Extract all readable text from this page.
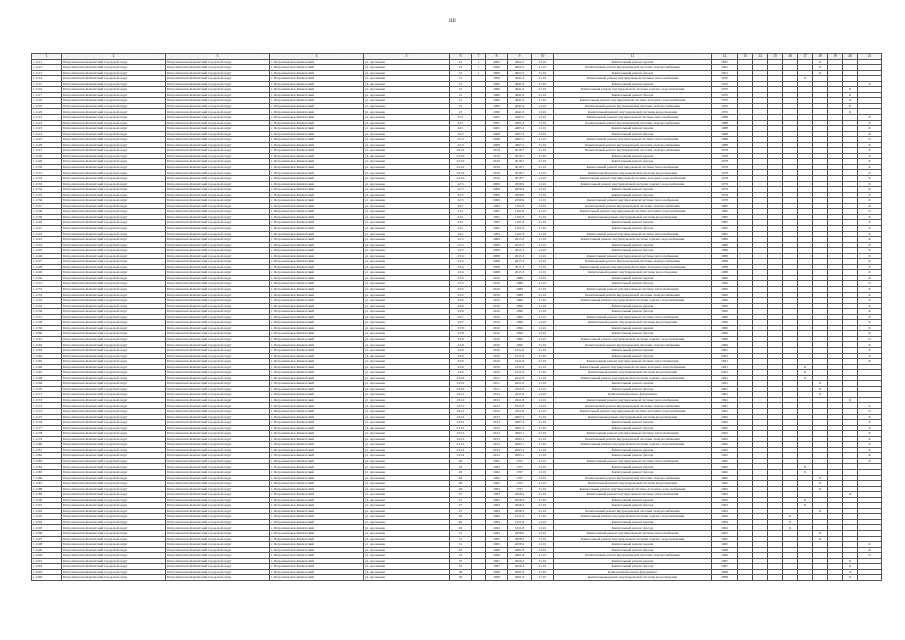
ШI
1	2	3	4	5	6	7	8	9	10	11	12	13	14	15	16	17	18	19	20	21
1.1111	Петропавловск-Камчатский городской округ	Петропавловск-Камчатский городской округ	г. Петропавловск-Камчатский	ул. Арсеньева	14	1	2000	4002.3	21.01	Капитальный ремонт кровли	1961						Х			
1.1112	Петропавловск-Камчатский городской округ	Петропавловск-Камчатский городской округ	г. Петропавловск-Камчатский	ул. Арсеньева	14	1	2000	4002.3	21.01	Капитальный ремонт внутридомовой системы электроснабжения	1961						Х			
1.1113	Петропавловск-Камчатский городской округ	Петропавловск-Камчатский городской округ	г. Петропавловск-Камчатский	ул. Арсеньева	14	1	2000	4002.3	21.01	Капитальный ремонт фасада	1961						Х			
1.1114	Петропавловск-Камчатский городской округ	Петропавловск-Камчатский городской округ	г. Петропавловск-Камчатский	ул. Арсеньева	15		1990	4641.6	21.01	Капитальный ремонт внутридомовой системы теплоснабжения	1970					Х				
1.1115	Петропавловск-Камчатский городской округ	Петропавловск-Камчатский городской округ	г. Петропавловск-Камчатский	ул. Арсеньева	15		1990	4641.6	21.01	Капитальный ремонт кровли	1970									Х
1.1116	Петропавловск-Камчатский городской округ	Петропавловск-Камчатский городской округ	г. Петропавловск-Камчатский	ул. Арсеньева	15		1990	4641.6	21.01	Капитальный ремонт внутридомовой системы горячего водоснабжения	1970								Х	
1.1117	Петропавловск-Камчатский городской округ	Петропавловск-Камчатский городской округ	г. Петропавловск-Камчатский	ул. Арсеньева	15		1990	4641.6	21.01	Капитальный ремонт фасада	1970								Х	
1.1118	Петропавловск-Камчатский городской округ	Петропавловск-Камчатский городской округ	г. Петропавловск-Камчатский	ул. Арсеньева	15		1990	4641.6	21.01	Капитальный ремонт внутридомовой системы холодного водоснабжения	1970								Х	
1.1119	Петропавловск-Камчатский городской округ	Петропавловск-Камчатский городской округ	г. Петропавловск-Камчатский	ул. Арсеньева	15		1990	4641.6	21.01	Капитальный ремонт внутридомовой системы электроснабжения	1970								Х	
1.1120	Петропавловск-Камчатский городской округ	Петропавловск-Камчатский городской округ	г. Петропавловск-Камчатский	ул. Арсеньева	15		1990	4641.6	21.01	Капитальный ремонт внутридомовой системы водоотведения	1970								Х	
1.1121	Петропавловск-Камчатский городской округ	Петропавловск-Камчатский городской округ	г. Петропавловск-Камчатский	ул. Арсеньева	22/1		2005	2605.2	21.01	Капитальный ремонт внутридомовой системы теплоснабжения	1988									Х
1.1122	Петропавловск-Камчатский городской округ	Петропавловск-Камчатский городской округ	г. Петропавловск-Камчатский	ул. Арсеньева	22/1		2005	2605.2	21.01	Капитальный ремонт внутридомовой системы электроснабжения	1988									Х
1.1123	Петропавловск-Камчатский городской округ	Петропавловск-Камчатский городской округ	г. Петропавловск-Камчатский	ул. Арсеньева	22/1		2005	2605.2	21.01	Капитальный ремонт кровли	1988									Х
1.1124	Петропавловск-Камчатский городской округ	Петропавловск-Камчатский городской округ	г. Петропавловск-Камчатский	ул. Арсеньева	22/3		2008	2607.2	21.01	Капитальный ремонт фасада	1988									Х
1.1125	Петропавловск-Камчатский городской округ	Петропавловск-Камчатский городской округ	г. Петропавловск-Камчатский	ул. Арсеньева	22/3		2008	2607.2	21.01	Капитальный ремонт внутридомовой системы теплоснабжения	1988									Х
1.1126	Петропавловск-Камчатский городской округ	Петропавловск-Камчатский городской округ	г. Петропавловск-Камчатский	ул. Арсеньева	22/3		2008	2607.2	21.01	Капитальный ремонт внутридомовой системы электроснабжения	1988									Х
1.1127	Петропавловск-Камчатский городской округ	Петропавловск-Камчатский городской округ	г. Петропавловск-Камчатский	ул. Арсеньева	22/10		2016	2018.7	21.01	Капитальный ремонт внутридомовой системы электроснабжения	1978									Х
1.1128	Петропавловск-Камчатский городской округ	Петропавловск-Камчатский городской округ	г. Петропавловск-Камчатский	ул. Арсеньева	22/10		2016	2018.7	21.01	Капитальный ремонт кровли	1978									Х
1.1129	Петропавловск-Камчатский городской округ	Петропавловск-Камчатский городской округ	г. Петропавловск-Камчатский	ул. Арсеньева	22/10		2016	2018.7	21.01	Капитальный ремонт фасада	1978									Х
1.1130	Петропавловск-Камчатский городской округ	Петропавловск-Камчатский городской округ	г. Петропавловск-Камчатский	ул. Арсеньева	22/10		2016	2018.7	21.01	Капитальный ремонт внутридомовой системы теплоснабжения	1978									Х
1.1131	Петропавловск-Камчатский городской округ	Петропавловск-Камчатский городской округ	г. Петропавловск-Камчатский	ул. Арсеньева	22/10		2016	2018.7	21.01	Капитальный ремонт внутридомовой системы водоотведения	1978									Х
1.1132	Петропавловск-Камчатский городской округ	Петропавловск-Камчатский городской округ	г. Петропавловск-Камчатский	ул. Арсеньева	22/10		2016	2018.7	21.01	Капитальный ремонт внутридомовой системы холодного водоснабжения	1978									Х
1.1133	Петропавловск-Камчатский городской округ	Петропавловск-Камчатский городской округ	г. Петропавловск-Камчатский	ул. Арсеньева	22/5		2009	2659.9	21.01	Капитальный ремонт внутридомовой системы горячего водоснабжения	1979									Х
1.1134	Петропавловск-Камчатский городской округ	Петропавловск-Камчатский городской округ	г. Петропавловск-Камчатский	ул. Арсеньева	22/5		2009	2659.9	21.01	Капитальный ремонт кровли	1979									Х
1.1135	Петропавловск-Камчатский городской округ	Петропавловск-Камчатский городской округ	г. Петропавловск-Камчатский	ул. Арсеньева	22/5		2009	2659.9	21.01	Капитальный ремонт фасада	1979									Х
1.1136	Петропавловск-Камчатский городской округ	Петропавловск-Камчатский городской округ	г. Петропавловск-Камчатский	ул. Арсеньева	22/5		2009	2659.9	21.01	Капитальный ремонт внутридомовой системы теплоснабжения	1979									Х
1.1137	Петропавловск-Камчатский городской округ	Петропавловск-Камчатский городской округ	г. Петропавловск-Камчатский	ул. Арсеньева	23/1		1995	1161.8	21.01	Капитальный ремонт внутридомовой системы электроснабжения	1985									Х
1.1138	Петропавловск-Камчатский городской округ	Петропавловск-Камчатский городской округ	г. Петропавловск-Камчатский	ул. Арсеньева	23/1		1995	1161.8	21.01	Капитальный ремонт внутридомовой системы холодного водоснабжения	1985									Х
1.1139	Петропавловск-Камчатский городской округ	Петропавловск-Камчатский городской округ	г. Петропавловск-Камчатский	ул. Арсеньева	23/1		1995	1161.8	21.01	Капитальный ремонт внутридомовой системы водоотведения	1985									Х
1.1140	Петропавловск-Камчатский городской округ	Петропавловск-Камчатский городской округ	г. Петропавловск-Камчатский	ул. Арсеньева	23/1		1995	1161.8	21.01	Капитальный ремонт кровли	1985									Х
1.1141	Петропавловск-Камчатский городской округ	Петропавловск-Камчатский городской округ	г. Петропавловск-Камчатский	ул. Арсеньева	23/1		1995	1161.8	21.01	Капитальный ремонт фасада	1985									Х
1.1142	Петропавловск-Камчатский городской округ	Петропавловск-Камчатский городской округ	г. Петропавловск-Камчатский	ул. Арсеньева	23/1		1995	1161.8	21.01	Капитальный ремонт внутридомовой системы теплоснабжения	1985									Х
1.1143	Петропавловск-Камчатский городской округ	Петропавловск-Камчатский городской округ	г. Петропавловск-Камчатский	ул. Арсеньева	23/3		2009	2615.3	21.01	Капитальный ремонт внутридомовой системы горячего водоснабжения	1989									Х
1.1144	Петропавловск-Камчатский городской округ	Петропавловск-Камчатский городской округ	г. Петропавловск-Камчатский	ул. Арсеньева	23/3		2009	2615.3	21.01	Капитальный ремонт кровли	1989									Х
1.1145	Петропавловск-Камчатский городской округ	Петропавловск-Камчатский городской округ	г. Петропавловск-Камчатский	ул. Арсеньева	23/3		2009	2615.3	21.01	Капитальный ремонт фасада	1989									Х
1.1146	Петропавловск-Камчатский городской округ	Петропавловск-Камчатский городской округ	г. Петропавловск-Камчатский	ул. Арсеньева	23/4		2008	2615.3	21.01	Капитальный ремонт внутридомовой системы теплоснабжения	1989									Х
1.1147	Петропавловск-Камчатский городской округ	Петропавловск-Камчатский городской округ	г. Петропавловск-Камчатский	ул. Арсеньева	23/4		2008	2615.3	21.01	Капитальный ремонт внутридомовой системы электроснабжения	1989									Х
1.1148	Петропавловск-Камчатский городской округ	Петропавловск-Камчатский городской округ	г. Петропавловск-Камчатский	ул. Арсеньева	23/4		2008	2615.3	21.01	Капитальный ремонт внутридомовой системы холодного водоснабжения	1989									Х
1.1149	Петропавловск-Камчатский городской округ	Петропавловск-Камчатский городской округ	г. Петропавловск-Камчатский	ул. Арсеньева	23/4		2008	2615.3	21.01	Капитальный ремонт внутридомовой системы водоотведения	1989									Х
1.1150	Петропавловск-Камчатский городской округ	Петропавловск-Камчатский городской округ	г. Петропавловск-Камчатский	ул. Арсеньева	23/5		2010	1989	21.01	Капитальный ремонт кровли	1990									Х
1.1151	Петропавловск-Камчатский городской округ	Петропавловск-Камчатский городской округ	г. Петропавловск-Камчатский	ул. Арсеньева	23/5		2010	1989	21.01	Капитальный ремонт фасада	1990									Х
1.1152	Петропавловск-Камчатский городской округ	Петропавловск-Камчатский городской округ	г. Петропавловск-Камчатский	ул. Арсеньева	23/5		2010	1989	21.01	Капитальный ремонт внутридомовой системы теплоснабжения	1990									Х
1.1153	Петропавловск-Камчатский городской округ	Петропавловск-Камчатский городской округ	г. Петропавловск-Камчатский	ул. Арсеньева	23/5		2010	1989	21.01	Капитальный ремонт внутридомовой системы электроснабжения	1990									Х
1.1154	Петропавловск-Камчатский городской округ	Петропавловск-Камчатский городской округ	г. Петропавловск-Камчатский	ул. Арсеньева	23/6		2010	1990	21.01	Капитальный ремонт внутридомовой системы горячего водоснабжения	1990									Х
1.1155	Петропавловск-Камчатский городской округ	Петропавловск-Камчатский городской округ	г. Петропавловск-Камчатский	ул. Арсеньева	23/6		2010	1990	21.01	Капитальный ремонт кровли	1990									Х
1.1156	Петропавловск-Камчатский городской округ	Петропавловск-Камчатский городской округ	г. Петропавловск-Камчатский	ул. Арсеньева	23/6		2010	1990	21.01	Капитальный ремонт фасада	1990									Х
1.1157	Петропавловск-Камчатский городской округ	Петропавловск-Камчатский городской округ	г. Петропавловск-Камчатский	ул. Арсеньева	23/7		2010	1990	21.01	Капитальный ремонт внутридомовой системы теплоснабжения	1990									Х
1.1158	Петропавловск-Камчатский городской округ	Петропавловск-Камчатский городской округ	г. Петропавловск-Камчатский	ул. Арсеньева	23/7		2010	1990	21.01	Капитальный ремонт внутридомовой системы водоотведения	1990									Х
1.1159	Петропавловск-Камчатский городской округ	Петропавловск-Камчатский городской округ	г. Петропавловск-Камчатский	ул. Арсеньева	23/8		2010	1990	21.01	Капитальный ремонт кровли	1990									Х
1.1160	Петропавловск-Камчатский городской округ	Петропавловск-Камчатский городской округ	г. Петропавловск-Камчатский	ул. Арсеньева	23/8		2010	1990	21.01	Капитальный ремонт фасада	1990									Х
1.1161	Петропавловск-Камчатский городской округ	Петропавловск-Камчатский городской округ	г. Петропавловск-Камчатский	ул. Арсеньева	23/8		2010	1990	21.01	Капитальный ремонт внутридомовой системы горячего водоснабжения	1990									Х
1.1162	Петропавловск-Камчатский городской округ	Петропавловск-Камчатский городской округ	г. Петропавловск-Камчатский	ул. Арсеньева	23/8		2010	1990	21.01	Капитальный ремонт внутридомовой системы электроснабжения	1990									Х
1.1163	Петропавловск-Камчатский городской округ	Петропавловск-Камчатский городской округ	г. Петропавловск-Камчатский	ул. Арсеньева	23/9		2010	1611.8	21.01	Капитальный ремонт кровли	1991									Х
1.1164	Петропавловск-Камчатский городской округ	Петропавловск-Камчатский городской округ	г. Петропавловск-Камчатский	ул. Арсеньева	23/9		2010	1611.8	21.01	Капитальный ремонт фасада	1991									Х
1.1165	Петропавловск-Камчатский городской округ	Петропавловск-Камчатский городской округ	г. Петропавловск-Камчатский	ул. Арсеньева	23/9		2010	1611.8	21.01	Капитальный ремонт внутридомовой системы теплоснабжения	1991									Х
1.1166	Петропавловск-Камчатский городской округ	Петропавловск-Камчатский городской округ	г. Петропавловск-Камчатский	ул. Арсеньева	23/9		2010	1611.8	21.01	Капитальный ремонт внутридомовой системы холодного водоснабжения	1991					Х				
1.1167	Петропавловск-Камчатский городской округ	Петропавловск-Камчатский городской округ	г. Петропавловск-Камчатский	ул. Арсеньева	23/9		2010	1611.8	21.01	Капитальный ремонт внутридомовой системы водоотведения	1991					Х				
1.1168	Петропавловск-Камчатский городской округ	Петропавловск-Камчатский городской округ	г. Петропавловск-Камчатский	ул. Арсеньева	23/10		2011	2611.8	21.01	Капитальный ремонт внутридомовой системы горячего водоснабжения	1991					Х				
1.1169	Петропавловск-Камчатский городской округ	Петропавловск-Камчатский городской округ	г. Петропавловск-Камчатский	ул. Арсеньева	23/10		2011	2611.8	21.01	Капитальный ремонт кровли	1991						Х			
1.1170	Петропавловск-Камчатский городской округ	Петропавловск-Камчатский городской округ	г. Петропавловск-Камчатский	ул. Арсеньева	23/10		2011	2611.8	21.01	Капитальный ремонт фасада	1991						Х			
1.1171	Петропавловск-Камчатский городской округ	Петропавловск-Камчатский городской округ	г. Петропавловск-Камчатский	ул. Арсеньева	23/11		2012	2611.8	21.01	Капитальный ремонт фундамента	1991						Х			
1.1172	Петропавловск-Камчатский городской округ	Петропавловск-Камчатский городской округ	г. Петропавловск-Камчатский	ул. Арсеньева	23/11		2012	2611.8	21.01	Капитальный ремонт внутридомовой системы теплоснабжения	1991								Х	
1.1173	Петропавловск-Камчатский городской округ	Петропавловск-Камчатский городской округ	г. Петропавловск-Камчатский	ул. Арсеньева	23/11		2012	2611.8	21.01	Капитальный ремонт внутридомовой системы электроснабжения	1991									Х
1.1174	Петропавловск-Камчатский городской округ	Петропавловск-Камчатский городской округ	г. Петропавловск-Камчатский	ул. Арсеньева	23/11		2012	2611.8	21.01	Капитальный ремонт внутридомовой системы холодного водоснабжения	1991									Х
1.1175	Петропавловск-Камчатский городской округ	Петропавловск-Камчатский городской округ	г. Петропавловск-Камчатский	ул. Арсеньева	23/12		2012	2607.2	21.01	Капитальный ремонт внутридомовой системы водоотведения	1992									Х
1.1176	Петропавловск-Камчатский городской округ	Петропавловск-Камчатский городской округ	г. Петропавловск-Камчатский	ул. Арсеньева	23/12		2012	2607.2	21.01	Капитальный ремонт кровли	1992									Х
1.1177	Петропавловск-Камчатский городской округ	Петропавловск-Камчатский городской округ	г. Петропавловск-Камчатский	ул. Арсеньева	23/12		2012	2607.2	21.01	Капитальный ремонт фасада	1992									Х
1.1178	Петропавловск-Камчатский городской округ	Петропавловск-Камчатский городской округ	г. Петропавловск-Камчатский	ул. Арсеньева	23/13		2013	2693.1	21.01	Капитальный ремонт внутридомовой системы теплоснабжения	1992									Х
1.1179	Петропавловск-Камчатский городской округ	Петропавловск-Камчатский городской округ	г. Петропавловск-Камчатский	ул. Арсеньева	23/13		2013	2693.1	21.01	Капитальный ремонт внутридомовой системы электроснабжения	1992									Х
1.1180	Петропавловск-Камчатский городской округ	Петропавловск-Камчатский городской округ	г. Петропавловск-Камчатский	ул. Арсеньева	23/13		2013	2693.1	21.01	Капитальный ремонт внутридомовой системы горячего водоснабжения	1992									Х
1.1181	Петропавловск-Камчатский городской округ	Петропавловск-Камчатский городской округ	г. Петропавловск-Камчатский	ул. Арсеньева	23/14		2013	2693.1	21.01	Капитальный ремонт кровли	1992									Х
1.1182	Петропавловск-Камчатский городской округ	Петропавловск-Камчатский городской округ	г. Петропавловск-Камчатский	ул. Арсеньева	23/14		2013	2693.1	21.01	Капитальный ремонт фасада	1992									Х
1.1183	Петропавловск-Камчатский городской округ	Петропавловск-Камчатский городской округ	г. Петропавловск-Камчатский	ул. Арсеньева	26		1962	1767	21.01	Капитальный ремонт внутридомовой системы теплоснабжения	1962									Х
1.1184	Петропавловск-Камчатский городской округ	Петропавловск-Камчатский городской округ	г. Петропавловск-Камчатский	ул. Арсеньева	26		1962	1767	21.01	Капитальный ремонт кровли	1962					Х				
1.1185	Петропавловск-Камчатский городской округ	Петропавловск-Камчатский городской округ	г. Петропавловск-Камчатский	ул. Арсеньева	26		1962	1767	21.01	Капитальный ремонт фасада	1962					Х				
1.1186	Петропавловск-Камчатский городской округ	Петропавловск-Камчатский городской округ	г. Петропавловск-Камчатский	ул. Арсеньева	26		1962	1767	21.01	Капитальный ремонт внутридомовой системы электроснабжения	1962						Х			
1.1187	Петропавловск-Камчатский городской округ	Петропавловск-Камчатский городской округ	г. Петропавловск-Камчатский	ул. Арсеньева	26		1962	1767	21.01	Капитальный ремонт внутридомовой системы водоотведения	1962						Х			
1.1188	Петропавловск-Камчатский городской округ	Петропавловск-Камчатский городской округ	г. Петропавловск-Камчатский	ул. Арсеньева	26		1962	1767	21.01	Капитальный ремонт внутридомовой системы холодного водоснабжения	1962						Х			
1.1189	Петропавловск-Камчатский городской округ	Петропавловск-Камчатский городской округ	г. Петропавловск-Камчатский	ул. Арсеньева	27		1963	2658.3	21.01	Капитальный ремонт внутридомовой системы теплоснабжения	1963								Х	
1.1190	Петропавловск-Камчатский городской округ	Петропавловск-Камчатский городской округ	г. Петропавловск-Камчатский	ул. Арсеньева	27		1963	2658.3	21.01	Капитальный ремонт кровли	1963					Х				
1.1191	Петропавловск-Камчатский городской округ	Петропавловск-Камчатский городской округ	г. Петропавловск-Камчатский	ул. Арсеньева	27		1963	2658.3	21.01	Капитальный ремонт фасада	1963					Х				
1.1192	Петропавловск-Камчатский городской округ	Петропавловск-Камчатский городской округ	г. Петропавловск-Камчатский	ул. Арсеньева	27		1963	2658.3	21.01	Капитальный ремонт внутридомовой системы электроснабжения	1963						Х			
1.1193	Петропавловск-Камчатский городской округ	Петропавловск-Камчатский городской округ	г. Петропавловск-Камчатский	ул. Арсеньева	29		1964	1611.8	21.01	Капитальный ремонт внутридомовой системы горячего водоснабжения	1964				Х					
1.1194	Петропавловск-Камчатский городской округ	Петропавловск-Камчатский городской округ	г. Петропавловск-Камчатский	ул. Арсеньева	29		1964	1611.8	21.01	Капитальный ремонт кровли	1964				Х					
1.1195	Петропавловск-Камчатский городской округ	Петропавловск-Камчатский городской округ	г. Петропавловск-Камчатский	ул. Арсеньева	29		1964	1611.8	21.01	Капитальный ремонт фасада	1964				Х					
1.1196	Петропавловск-Камчатский городской округ	Петропавловск-Камчатский городской округ	г. Петропавловск-Камчатский	ул. Арсеньева	31		1965	2658.2	21.01	Капитальный ремонт внутридомовой системы теплоснабжения	1965						Х			
1.1197	Петропавловск-Камчатский городской округ	Петропавловск-Камчатский городской округ	г. Петропавловск-Камчатский	ул. Арсеньева	31		1965	2658.2	21.01	Капитальный ремонт внутридомовой системы горячего водоснабжения	1965						Х			
1.1198	Петропавловск-Камчатский городской округ	Петропавловск-Камчатский городской округ	г. Петропавловск-Камчатский	ул. Арсеньева	31		1965	2658.2	21.01	Капитальный ремонт кровли	1965									Х
1.1199	Петропавловск-Камчатский городской округ	Петропавловск-Камчатский городской округ	г. Петропавловск-Камчатский	ул. Арсеньева	33		1966	2661.8	21.01	Капитальный ремонт фасада	1966									Х
1.1200	Петропавловск-Камчатский городской округ	Петропавловск-Камчатский городской округ	г. Петропавловск-Камчатский	ул. Арсеньева	33		1966	2661.8	21.01	Капитальный ремонт внутридомовой системы электроснабжения	1966									Х
1.1201	Петропавловск-Камчатский городской округ	Петропавловск-Камчатский городской округ	г. Петропавловск-Камчатский	ул. Арсеньева	35		1967	2659.4	21.01	Капитальный ремонт кровли	1967								Х	
1.1202	Петропавловск-Камчатский городской округ	Петропавловск-Камчатский городской округ	г. Петропавловск-Камчатский	ул. Арсеньева	35		1967	2659.4	21.01	Капитальный ремонт фасада	1967								Х	
1.1203	Петропавловск-Камчатский городской округ	Петропавловск-Камчатский городской округ	г. Петропавловск-Камчатский	ул. Арсеньева	36		1968	2661.6	21.01	Капитальный ремонт фундамента	1968								Х	
1.1204	Петропавловск-Камчатский городской округ	Петропавловск-Камчатский городской округ	г. Петропавловск-Камчатский	ул. Арсеньева	36		1968	2661.6	21.01	Капитальный ремонт внутридомовой системы водоотведения	1968								Х	
